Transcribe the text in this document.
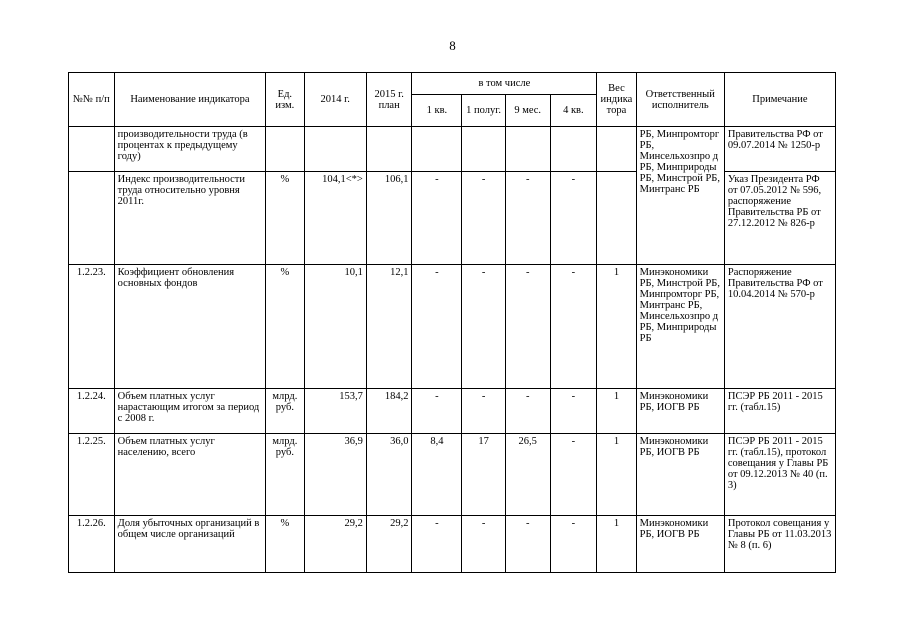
8
№№ п/п	Наименование индикатора	Ед. изм.	2014 г.	2015 г. план	в том числе				Вес индика тора	Ответственный исполнитель	Примечание
					1 кв.	1 полуг.	9 мес.	4 кв.			
	производительности труда (в процентах к предыдущему году)									РБ, Минпромторг РБ, Минсельхозпро д РБ, Минприроды РБ, Минстрой РБ, Минтранс РБ	Правительства РФ от 09.07.2014 № 1250-р
	Индекс производительности труда относительно уровня 2011г.	%	104,1<*>	106,1	-	-	-	-			Указ Президента РФ от 07.05.2012 № 596, распоряжение Правительства РБ от 27.12.2012 № 826-р
1.2.23.	Коэффициент обновления основных фондов	%	10,1	12,1	-	-	-	-	1	Минэкономики РБ, Минстрой РБ, Минпромторг РБ, Минтранс РБ, Минсельхозпро д РБ, Минприроды РБ	Распоряжение Правительства РФ от 10.04.2014 № 570-р
1.2.24.	Объем платных услуг нарастающим итогом за период с 2008 г.	млрд. руб.	153,7	184,2	-	-	-	-	1	Минэкономики РБ, ИОГВ РБ	ПСЭР РБ 2011 - 2015 гг. (табл.15)
1.2.25.	Объем платных услуг населению, всего	млрд. руб.	36,9	36,0	8,4	17	26,5	-	1	Минэкономики РБ, ИОГВ РБ	ПСЭР РБ 2011 - 2015 гг. (табл.15), протокол совещания у Главы РБ от 09.12.2013 № 40 (п. 3)
1.2.26.	Доля убыточных организаций в общем числе организаций	%	29,2	29,2	-	-	-	-	1	Минэкономики РБ, ИОГВ РБ	Протокол совещания у Главы РБ от 11.03.2013 № 8 (п. 6)
